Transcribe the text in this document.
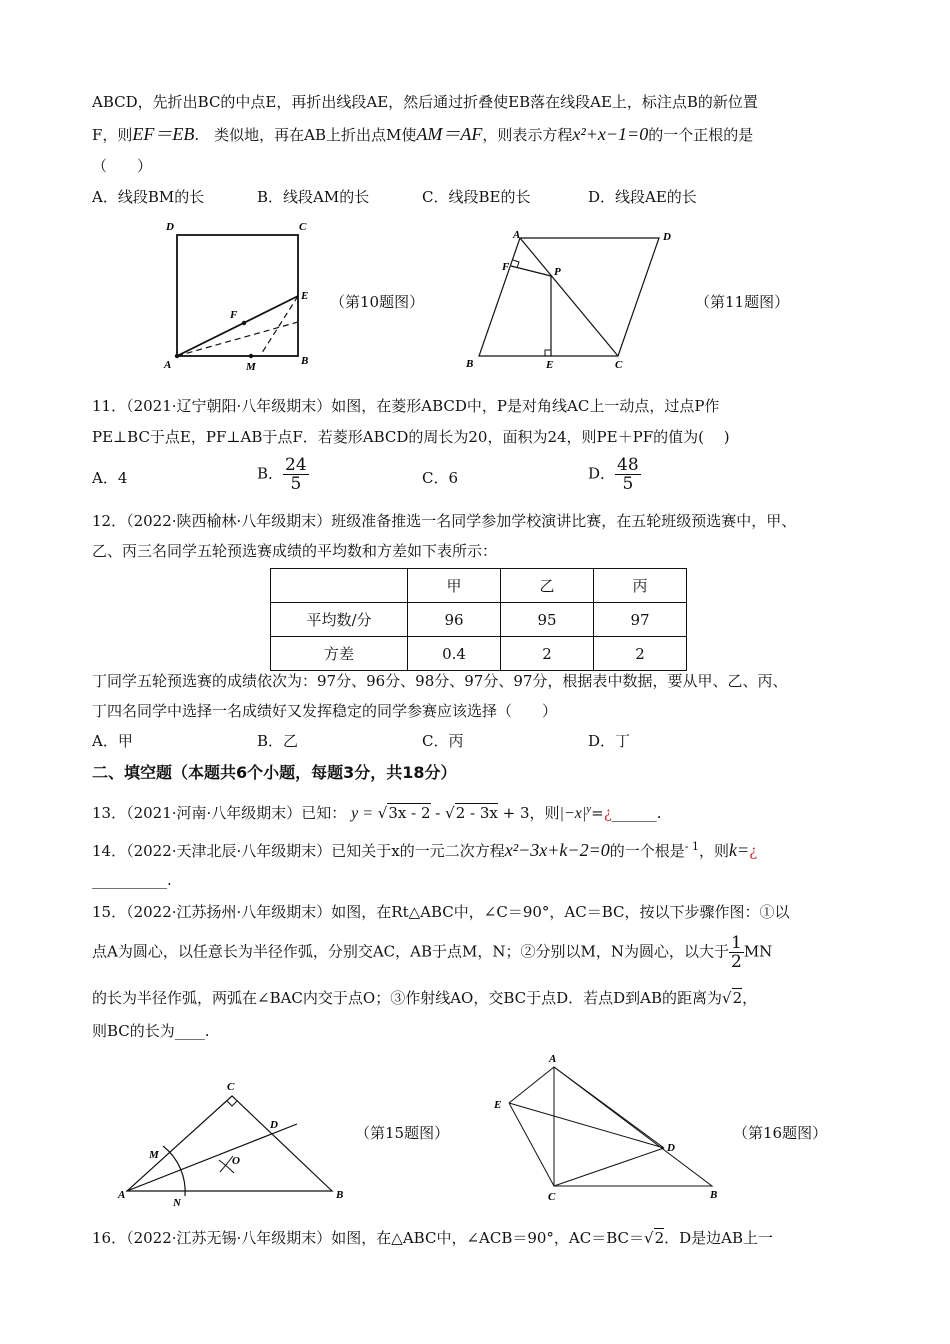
ABCD，先折出BC的中点E，再折出线段AE，然后通过折叠使EB落在线段AE上，标注点B的新位置
F，则EF＝EB.　类似地，再在AB上折出点M使AM＝AF，则表示方程x²+x−1=0的一个正根的是
（　　）
A．线段BM的长	B．线段AM的长	C．线段BE的长	D．线段AE的长
D	C
E
F
A	M	B
（第10题图）
A	D
F	P
B	E	C
（第11题图）
11．（2021·辽宁朝阳·八年级期末）如图，在菱形ABCD中，P是对角线AC上一动点，过点P作
PE⊥BC于点E，PF⊥AB于点F．若菱形ABCD的周长为20，面积为24，则PE＋PF的值为(　 )
A．4	B． $\frac{24}{5}$	C．6	D． $\frac{48}{5}$
12．（2022·陕西榆林·八年级期末）班级准备推选一名同学参加学校演讲比赛，在五轮班级预选赛中，甲、
乙、丙三名同学五轮预选赛成绩的平均数和方差如下表所示：
	甲	乙	丙
平均数/分	96	95	97
方差	0.4	2	2
丁同学五轮预选赛的成绩依次为：97分、96分、98分、97分、97分，根据表中数据，要从甲、乙、丙、
丁四名同学中选择一名成绩好又发挥稳定的同学参赛应该选择（　　）
A．甲	B．乙	C．丙	D．丁
二、填空题（本题共6个小题，每题3分，共18分）
13．（2021·河南·八年级期末）已知： y = √3x - 2 - √2 - 3x + 3，则$|-x|^y=¿\_\_\_\_\_\_$.
14．（2022·天津北辰·八年级期末）已知关于x的一元二次方程x²−3x+k−2=0的一个根是$^{- 1}$，则k=¿
__________.
15．（2022·江苏扬州·八年级期末）如图，在Rt△ABC中，∠C＝90°，AC＝BC，按以下步骤作图：①以
点A为圆心，以任意长为半径作弧，分别交AC，AB于点M，N；②分别以M，N为圆心，以大于 $\frac{1}{2}$ MN
的长为半径作弧，两弧在∠BAC内交于点O；③作射线AO，交BC于点D．若点D到AB的距离为√2，
则BC的长为____.
C
M
D
O
A
N
B
（第15题图）
A
E
D
C	B
（第16题图）
16．（2022·江苏无锡·八年级期末）如图，在△ABC中，∠ACB＝90°，AC＝BC＝√2．D是边AB上一
